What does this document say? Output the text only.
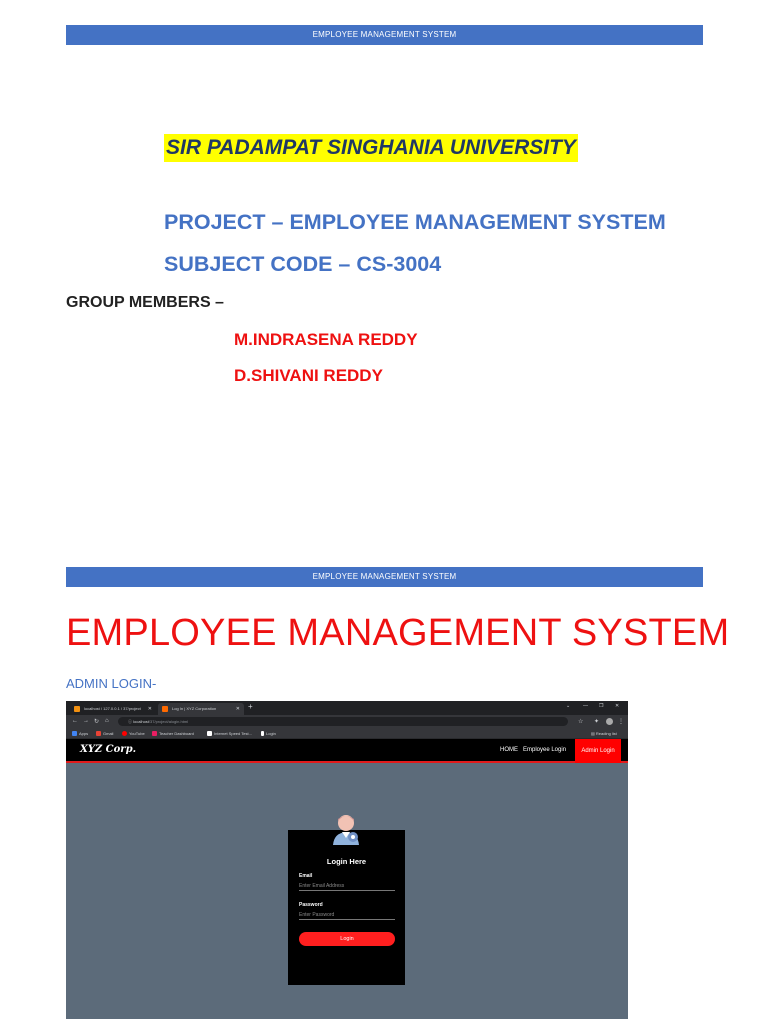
EMPLOYEE MANAGEMENT SYSTEM
SIR PADAMPAT SINGHANIA UNIVERSITY
PROJECT – EMPLOYEE MANAGEMENT SYSTEM
SUBJECT CODE – CS-3004
GROUP MEMBERS –
M.INDRASENA REDDY
D.SHIVANI REDDY
EMPLOYEE MANAGEMENT SYSTEM
EMPLOYEE MANAGEMENT SYSTEM
ADMIN LOGIN-
localhost / 127.0.0.1 / 37/project ✕	Log In | XYZ Corporation	✕ +	⌄	— ❐ ✕
← → ↻ ⌂	ⓘ localhost/37/project/alogin.html	☆ ✦	⋮
Apps	Gmail	YouTube	Teacher Dashboard	Internet Speed Test...	Login	▤ Reading list
XYZ Corp.	HOME Employee Login	Admin Login
Login Here
Email
Enter Email Address
Password
Login
